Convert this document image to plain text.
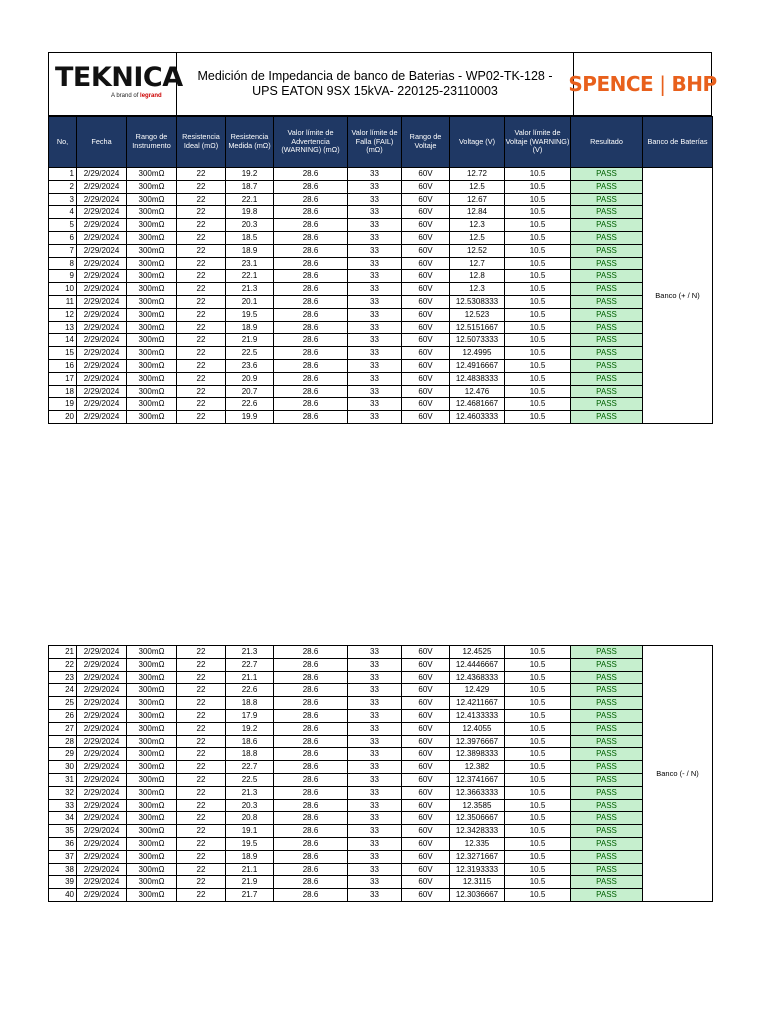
TEKNICA
A brand of legrand
Medición de Impedancia de banco de Baterias - WP02-TK-128 -
UPS EATON 9SX 15kVA- 220125-23110003	SPENCE | BHP
No,	Fecha	Rango de Instrumento	Resistencia Ideal (mΩ)	Resistencia Medida (mΩ)	Valor límite de Advertencia (WARNING) (mΩ)	Valor límite de Falla (FAIL) (mΩ)	Rango de Voltaje	Voltage (V)	Valor límite de Voltaje (WARNING) (V)	Resultado	Banco de Baterías
1	2/29/2024	300mΩ	22	19.2	28.6	33	60V	12.72	10.5	PASS	Banco (+ / N)
2	2/29/2024	300mΩ	22	18.7	28.6	33	60V	12.5	10.5	PASS	
3	2/29/2024	300mΩ	22	22.1	28.6	33	60V	12.67	10.5	PASS	
4	2/29/2024	300mΩ	22	19.8	28.6	33	60V	12.84	10.5	PASS	
5	2/29/2024	300mΩ	22	20.3	28.6	33	60V	12.3	10.5	PASS	
6	2/29/2024	300mΩ	22	18.5	28.6	33	60V	12.5	10.5	PASS	
7	2/29/2024	300mΩ	22	18.9	28.6	33	60V	12.52	10.5	PASS	
8	2/29/2024	300mΩ	22	23.1	28.6	33	60V	12.7	10.5	PASS	
9	2/29/2024	300mΩ	22	22.1	28.6	33	60V	12.8	10.5	PASS	
10	2/29/2024	300mΩ	22	21.3	28.6	33	60V	12.3	10.5	PASS	
11	2/29/2024	300mΩ	22	20.1	28.6	33	60V	12.5308333	10.5	PASS	
12	2/29/2024	300mΩ	22	19.5	28.6	33	60V	12.523	10.5	PASS	
13	2/29/2024	300mΩ	22	18.9	28.6	33	60V	12.5151667	10.5	PASS	
14	2/29/2024	300mΩ	22	21.9	28.6	33	60V	12.5073333	10.5	PASS	
15	2/29/2024	300mΩ	22	22.5	28.6	33	60V	12.4995	10.5	PASS	
16	2/29/2024	300mΩ	22	23.6	28.6	33	60V	12.4916667	10.5	PASS	
17	2/29/2024	300mΩ	22	20.9	28.6	33	60V	12.4838333	10.5	PASS	
18	2/29/2024	300mΩ	22	20.7	28.6	33	60V	12.476	10.5	PASS	
19	2/29/2024	300mΩ	22	22.6	28.6	33	60V	12.4681667	10.5	PASS	
20	2/29/2024	300mΩ	22	19.9	28.6	33	60V	12.4603333	10.5	PASS	
21	2/29/2024	300mΩ	22	21.3	28.6	33	60V	12.4525	10.5	PASS	Banco (- / N)
22	2/29/2024	300mΩ	22	22.7	28.6	33	60V	12.4446667	10.5	PASS	
23	2/29/2024	300mΩ	22	21.1	28.6	33	60V	12.4368333	10.5	PASS	
24	2/29/2024	300mΩ	22	22.6	28.6	33	60V	12.429	10.5	PASS	
25	2/29/2024	300mΩ	22	18.8	28.6	33	60V	12.4211667	10.5	PASS	
26	2/29/2024	300mΩ	22	17.9	28.6	33	60V	12.4133333	10.5	PASS	
27	2/29/2024	300mΩ	22	19.2	28.6	33	60V	12.4055	10.5	PASS	
28	2/29/2024	300mΩ	22	18.6	28.6	33	60V	12.3976667	10.5	PASS	
29	2/29/2024	300mΩ	22	18.8	28.6	33	60V	12.3898333	10.5	PASS	
30	2/29/2024	300mΩ	22	22.7	28.6	33	60V	12.382	10.5	PASS	
31	2/29/2024	300mΩ	22	22.5	28.6	33	60V	12.3741667	10.5	PASS	
32	2/29/2024	300mΩ	22	21.3	28.6	33	60V	12.3663333	10.5	PASS	
33	2/29/2024	300mΩ	22	20.3	28.6	33	60V	12.3585	10.5	PASS	
34	2/29/2024	300mΩ	22	20.8	28.6	33	60V	12.3506667	10.5	PASS	
35	2/29/2024	300mΩ	22	19.1	28.6	33	60V	12.3428333	10.5	PASS	
36	2/29/2024	300mΩ	22	19.5	28.6	33	60V	12.335	10.5	PASS	
37	2/29/2024	300mΩ	22	18.9	28.6	33	60V	12.3271667	10.5	PASS	
38	2/29/2024	300mΩ	22	21.1	28.6	33	60V	12.3193333	10.5	PASS	
39	2/29/2024	300mΩ	22	21.9	28.6	33	60V	12.3115	10.5	PASS	
40	2/29/2024	300mΩ	22	21.7	28.6	33	60V	12.3036667	10.5	PASS	
